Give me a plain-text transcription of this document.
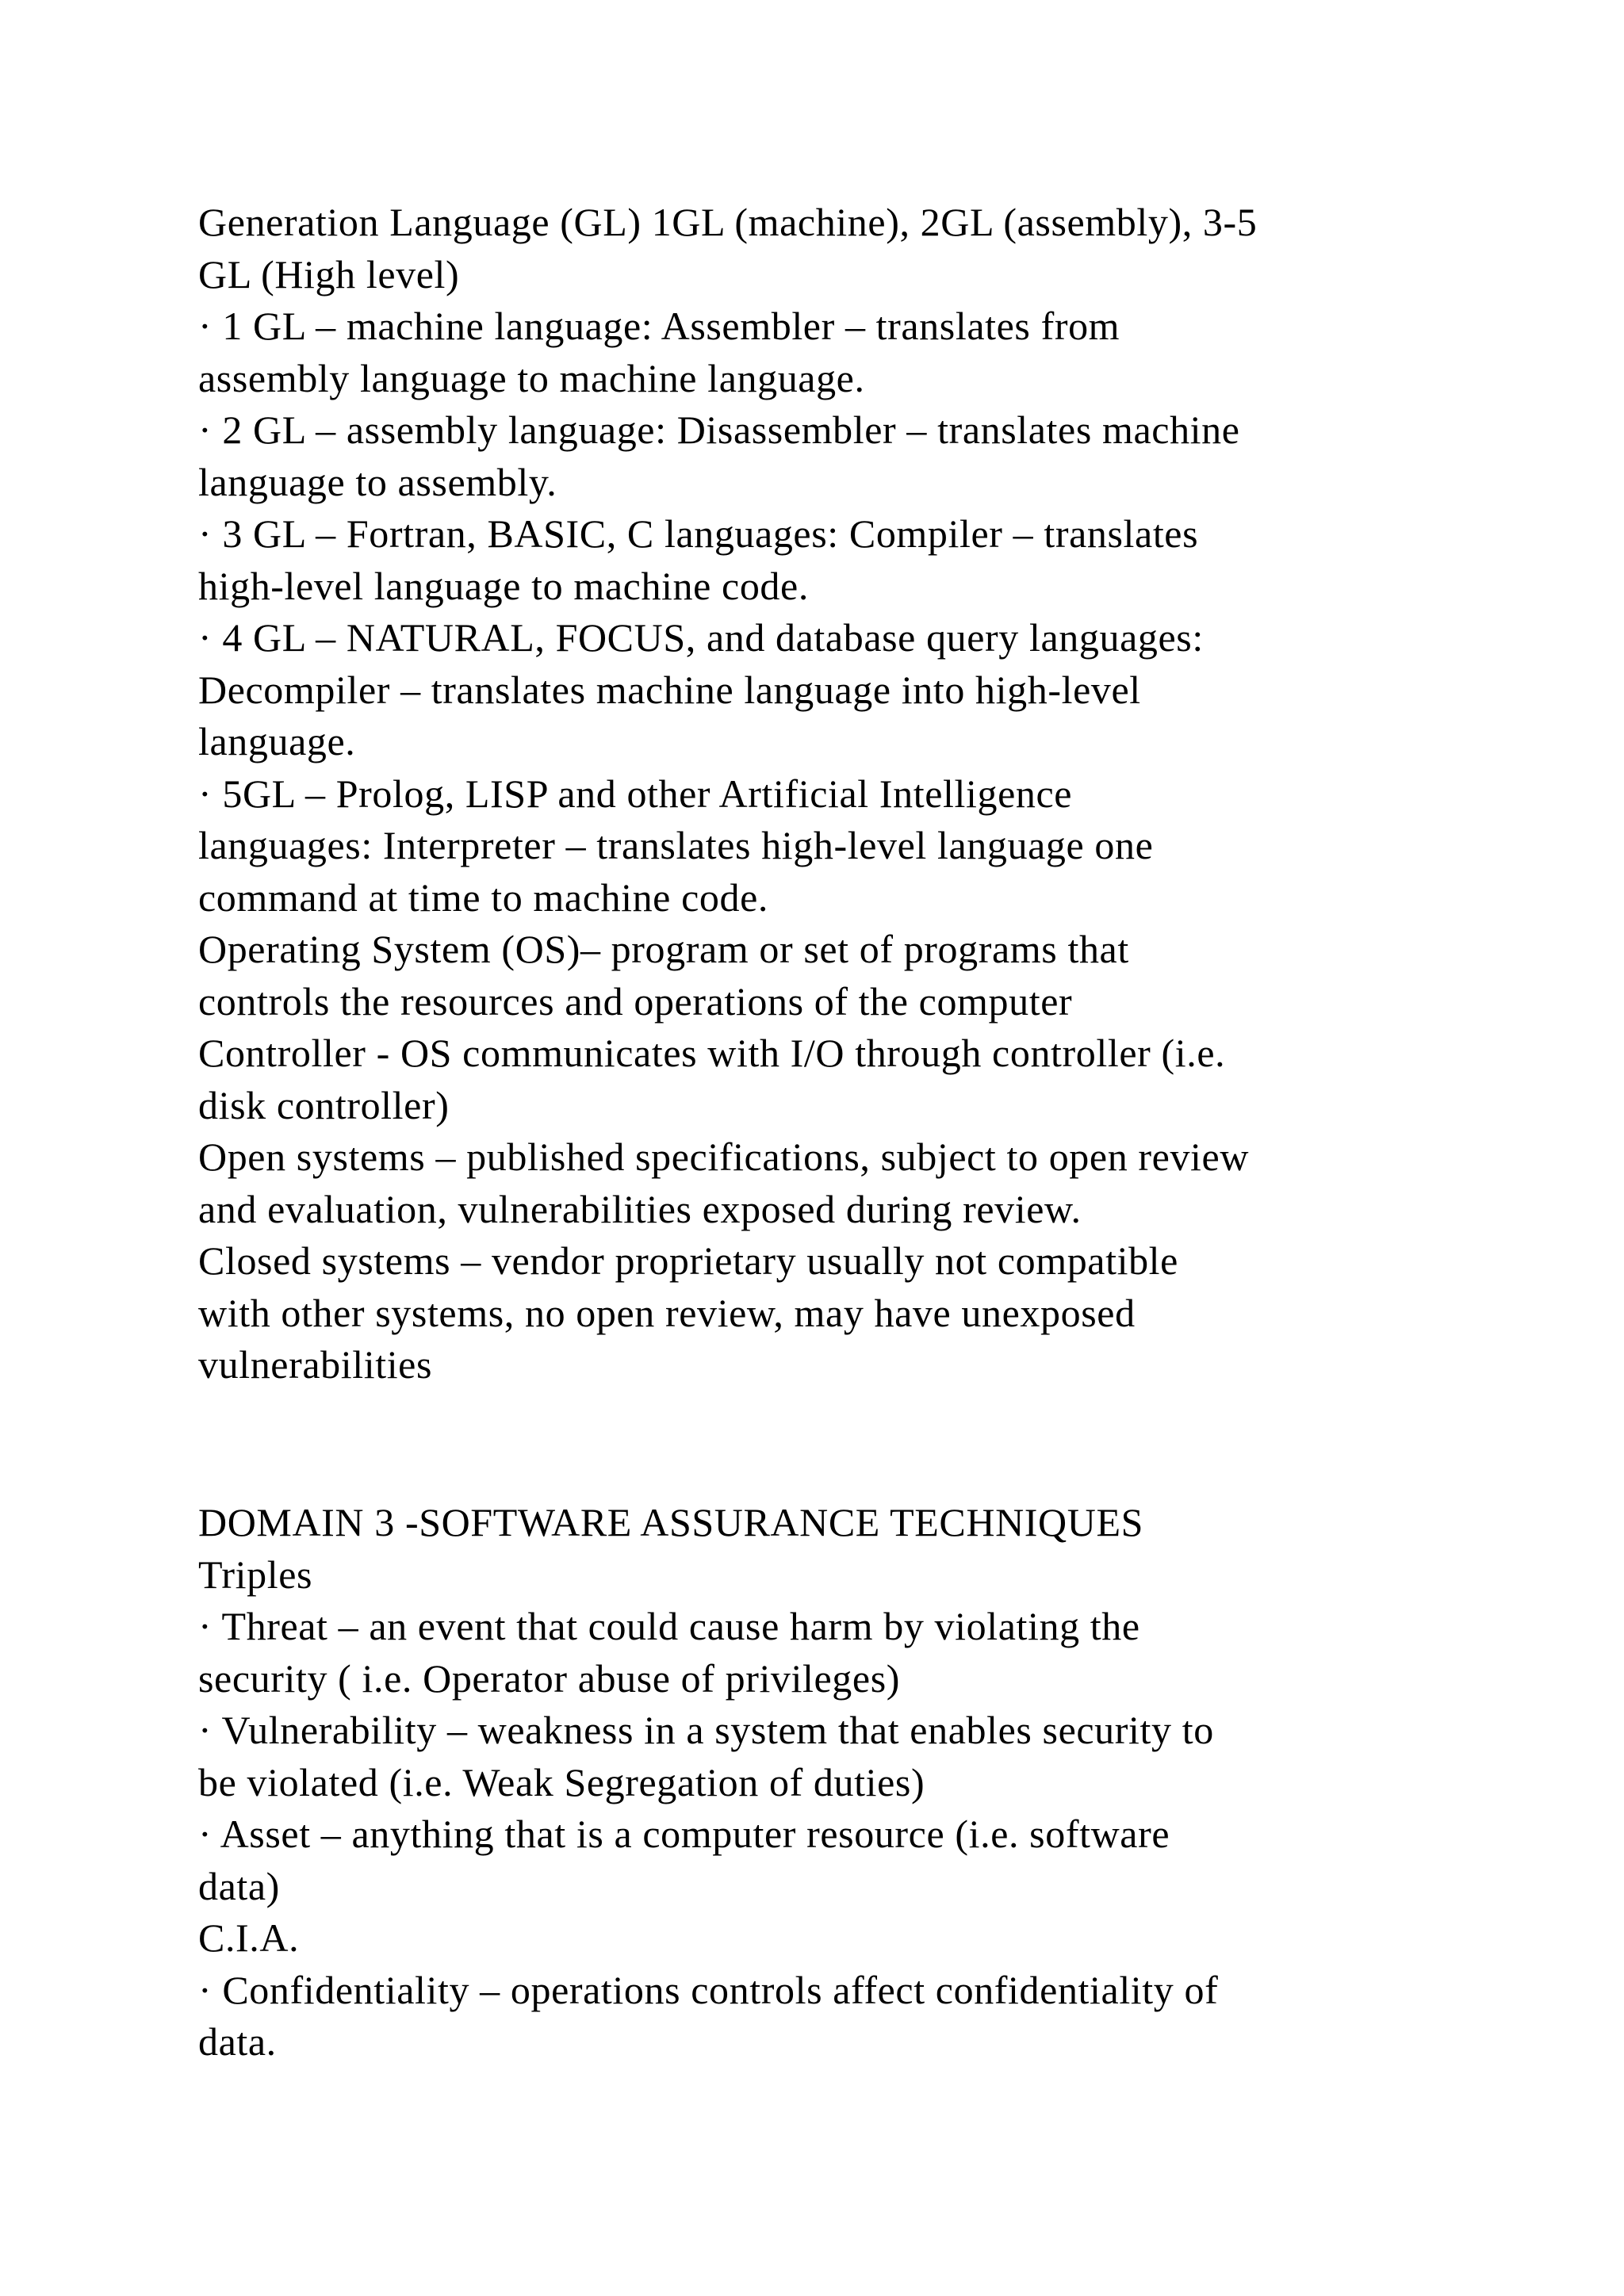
Generation Language (GL) 1GL (machine), 2GL (assembly), 3-5
GL (High level)
· 1 GL – machine language: Assembler – translates from
assembly language to machine language.
· 2 GL – assembly language: Disassembler – translates machine
language to assembly.
· 3 GL – Fortran, BASIC, C languages: Compiler – translates
high-level language to machine code.
· 4 GL – NATURAL, FOCUS, and database query languages:
Decompiler – translates machine language into high-level
language.
· 5GL – Prolog, LISP and other Artificial Intelligence
languages: Interpreter – translates high-level language one
command at time to machine code.
Operating System (OS)– program or set of programs that
controls the resources and operations of the computer
Controller - OS communicates with I/O through controller (i.e.
disk controller)
Open systems – published specifications, subject to open review
and evaluation, vulnerabilities exposed during review.
Closed systems – vendor proprietary usually not compatible
with other systems, no open review, may have unexposed
vulnerabilities
DOMAIN 3 -SOFTWARE ASSURANCE TECHNIQUES
Triples
· Threat – an event that could cause harm by violating the
security ( i.e. Operator abuse of privileges)
· Vulnerability – weakness in a system that enables security to
be violated (i.e. Weak Segregation of duties)
· Asset – anything that is a computer resource (i.e. software
data)
C.I.A.
· Confidentiality – operations controls affect confidentiality of
data.
